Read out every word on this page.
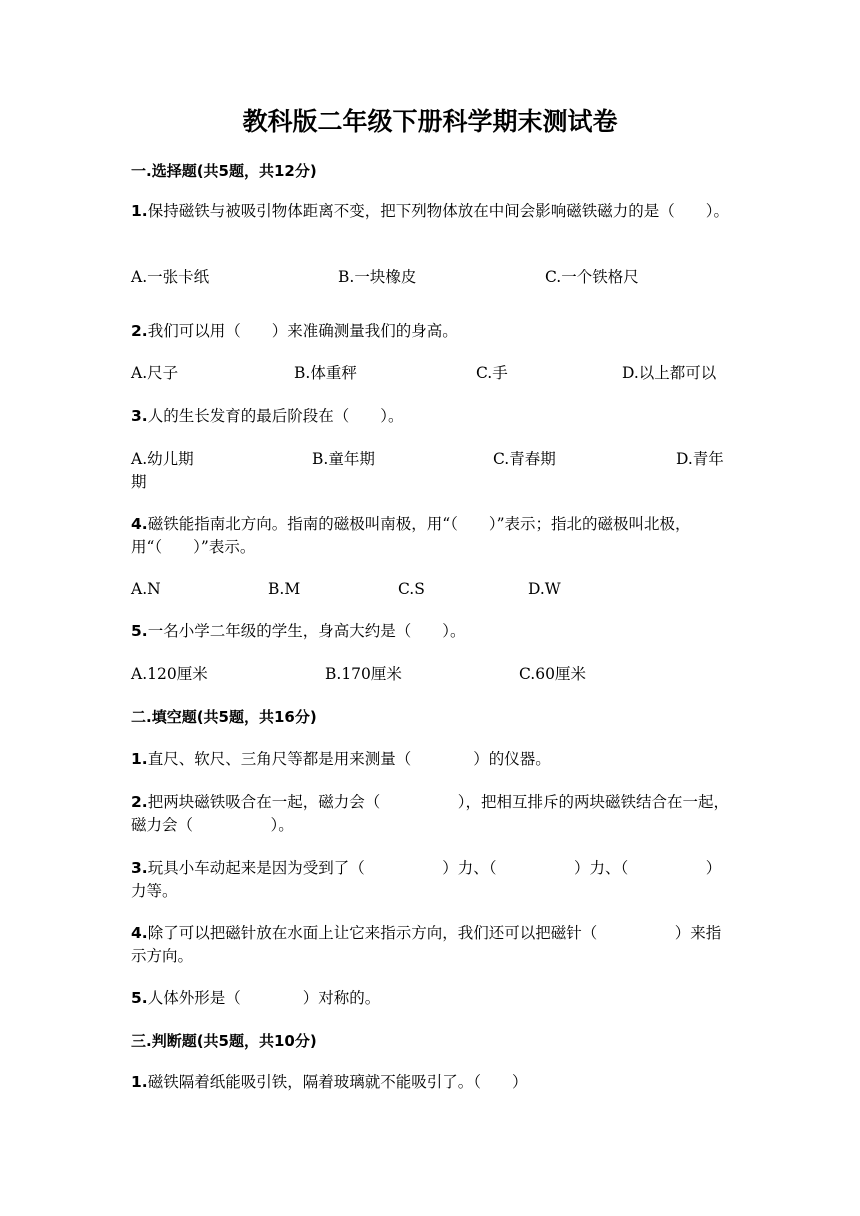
教科版二年级下册科学期末测试卷
一.选择题(共5题，共12分)
1.保持磁铁与被吸引物体距离不变，把下列物体放在中间会影响磁铁磁力的是（　　）。
A.一张卡纸	B.一块橡皮	C.一个铁格尺
2.我们可以用（　　）来准确测量我们的身高。
A.尺子	B.体重秤	C.手	D.以上都可以
3.人的生长发育的最后阶段在（　　）。
A.幼儿期	B.童年期	C.青春期	D.青年
期
4.磁铁能指南北方向。指南的磁极叫南极，用“（　　）”表示；指北的磁极叫北极，用“（　　）”表示。
A.N	B.M	C.S	D.W
5.一名小学二年级的学生，身高大约是（　　）。
A.120厘米	B.170厘米	C.60厘米
二.填空题(共5题，共16分)
1.直尺、软尺、三角尺等都是用来测量（　　　　）的仪器。
2.把两块磁铁吸合在一起，磁力会（　　　　　），把相互排斥的两块磁铁结合在一起，磁力会（　　　　　）。
3.玩具小车动起来是因为受到了（　　　　　）力、（　　　　　）力、（　　　　　）力等。
4.除了可以把磁针放在水面上让它来指示方向，我们还可以把磁针（　　　　　）来指示方向。
5.人体外形是（　　　　）对称的。
三.判断题(共5题，共10分)
1.磁铁隔着纸能吸引铁，隔着玻璃就不能吸引了。（　　）
